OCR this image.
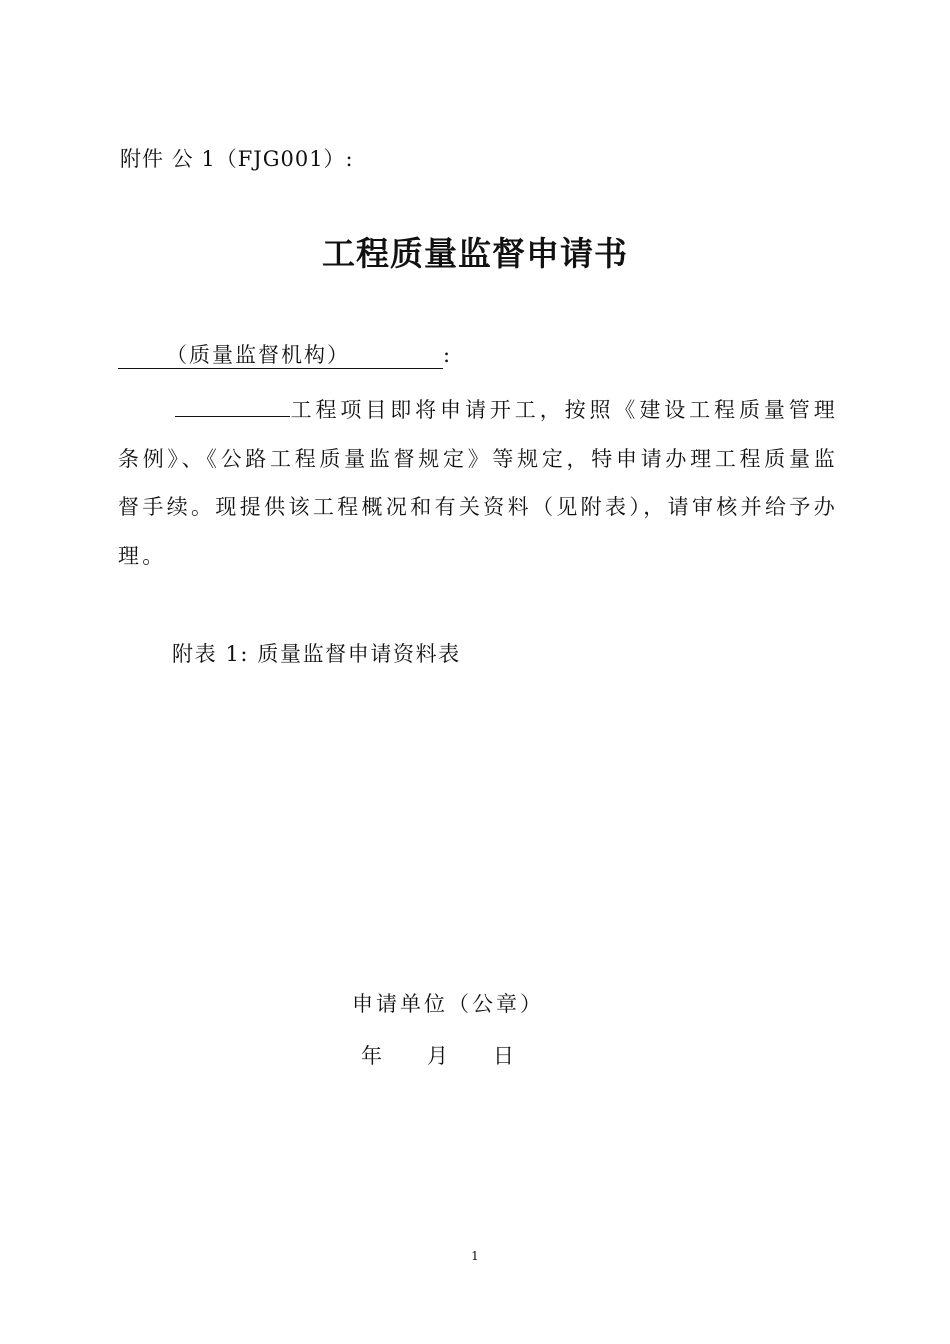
附件 公 1（FJG001）:
工程质量监督申请书
（质量监督机构）	:
工程项目即将申请开工，按照《建设工程质量管理条例》、《公路工程质量监督规定》等规定，特申请办理工程质量监督手续。现提供该工程概况和有关资料（见附表），请审核并给予办理。
附表 1: 质量监督申请资料表
申请单位（公章）
年 月 日
1
